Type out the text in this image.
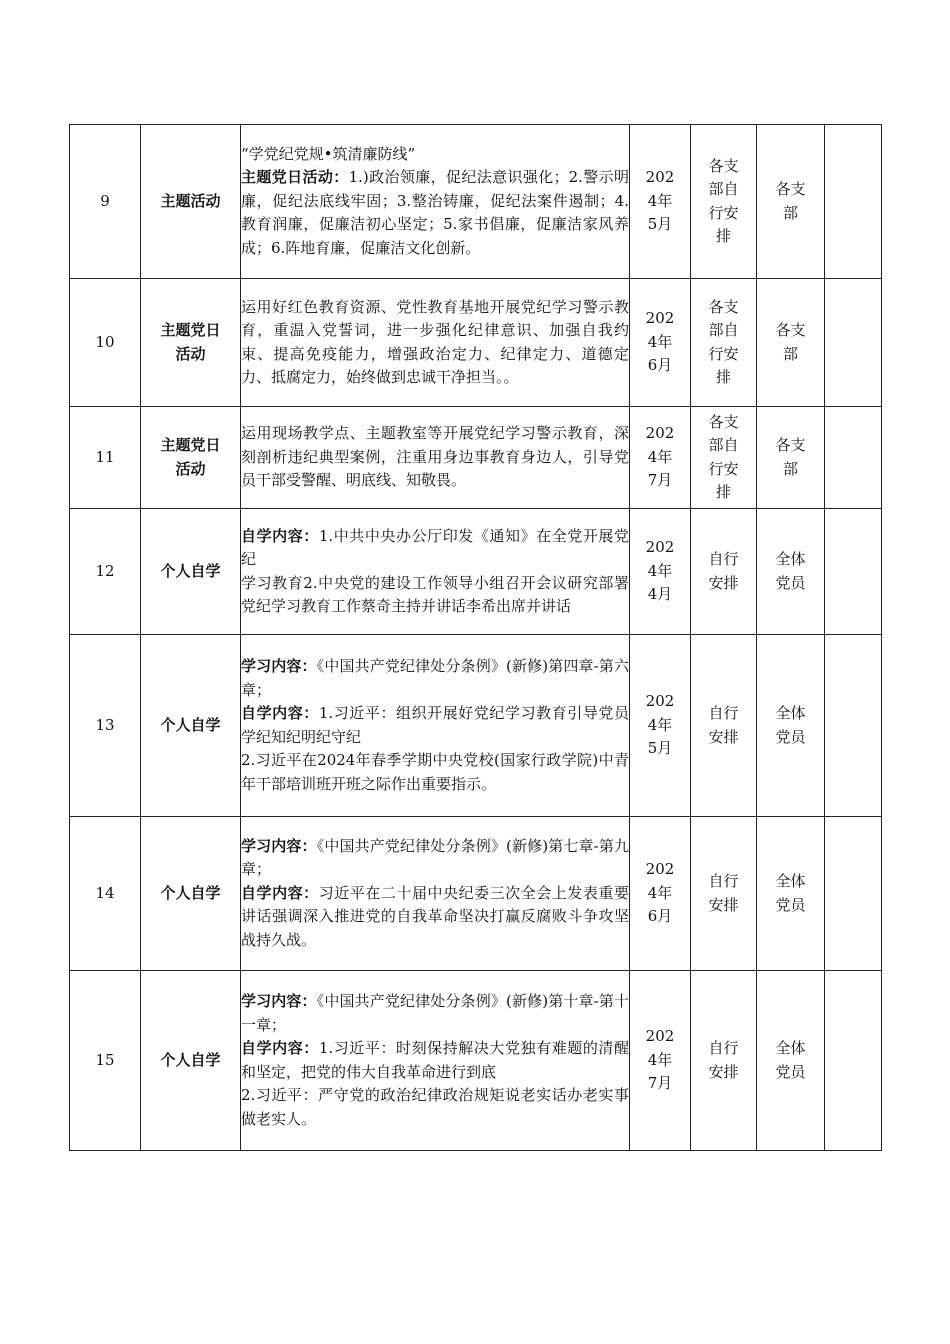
9	主题活动	“学党纪党规•筑清廉防线”
主题党日活动：1.)政治领廉，促纪法意识强化；2.警示明廉，促纪法底线牢固；3.整治铸廉，促纪法案件遏制；4.教育润廉，促廉洁初心坚定；5.家书倡廉，促廉洁家风养成；6.阵地育廉，促廉洁文化创新。	2024年5月	各支部自行安排	各支部	
10	主题党日活动	运用好红色教育资源、党性教育基地开展党纪学习警示教育，重温入党誓词，进一步强化纪律意识、加强自我约束、提高免疫能力，增强政治定力、纪律定力、道德定力、抵腐定力，始终做到忠诚干净担当。。	2024年6月	各支部自行安排	各支部	
11	主题党日活动	运用现场教学点、主题教室等开展党纪学习警示教育，深刻剖析违纪典型案例，注重用身边事教育身边人，引导党员干部受警醒、明底线、知敬畏。	2024年7月	各支部自行安排	各支部	
12	个人自学	自学内容：1.中共中央办公厅印发《通知》在全党开展党纪
学习教育2.中央党的建设工作领导小组召开会议研究部署党纪学习教育工作蔡奇主持并讲话李希出席并讲话	2024年4月	自行安排	全体党员	
13	个人自学	学习内容：《中国共产党纪律处分条例》(新修)第四章-第六章；
自学内容：1.习近平：组织开展好党纪学习教育引导党员学纪知纪明纪守纪
2.习近平在2024年春季学期中央党校(国家行政学院)中青年干部培训班开班之际作出重要指示。	2024年5月	自行安排	全体党员	
14	个人自学	学习内容：《中国共产党纪律处分条例》(新修)第七章-第九章；
自学内容：习近平在二十届中央纪委三次全会上发表重要讲话强调深入推进党的自我革命坚决打赢反腐败斗争攻坚战持久战。	2024年6月	自行安排	全体党员	
15	个人自学	学习内容：《中国共产党纪律处分条例》(新修)第十章-第十一章；
自学内容：1.习近平：时刻保持解决大党独有难题的清醒和坚定，把党的伟大自我革命进行到底
2.习近平：严守党的政治纪律政治规矩说老实话办老实事做老实人。	2024年7月	自行安排	全体党员	
